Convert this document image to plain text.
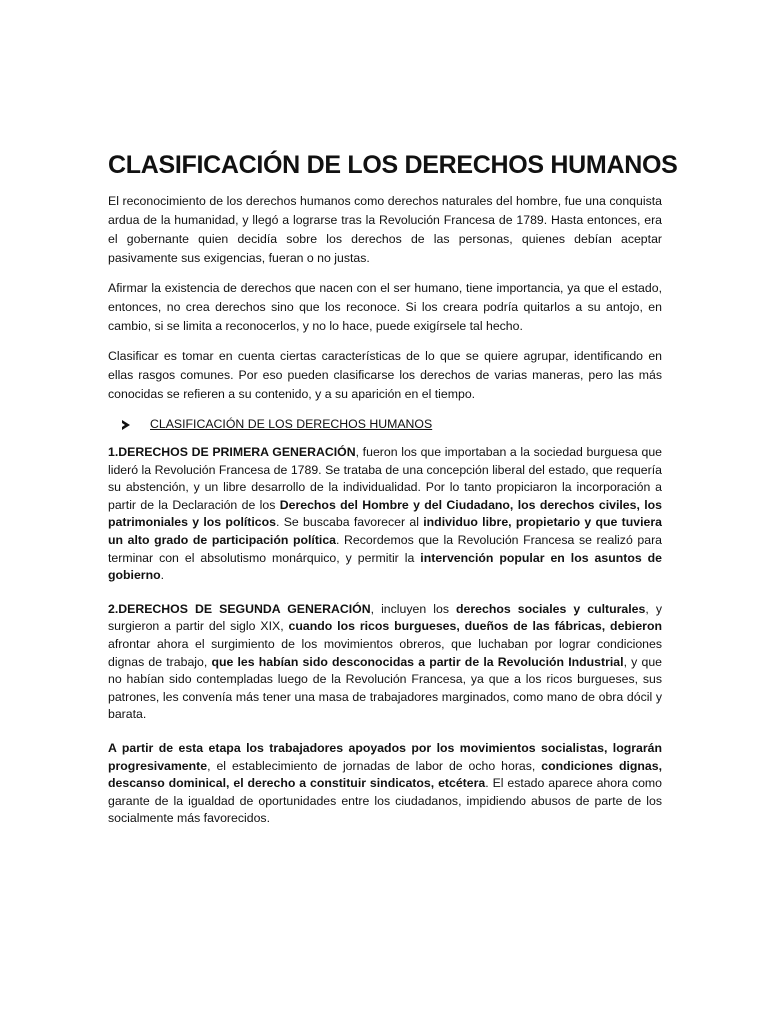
CLASIFICACIÓN DE LOS DERECHOS HUMANOS

El reconocimiento de los derechos humanos como derechos naturales del hombre, fue una conquista ardua de la humanidad, y llegó a lograrse tras la Revolución Francesa de 1789. Hasta entonces, era el gobernante quien decidía sobre los derechos de las personas, quienes debían aceptar pasivamente sus exigencias, fueran o no justas.

Afirmar la existencia de derechos que nacen con el ser humano, tiene importancia, ya que el estado, entonces, no crea derechos sino que los reconoce. Si los creara podría quitarlos a su antojo, en cambio, si se limita a reconocerlos, y no lo hace, puede exigírsele tal hecho.

Clasificar es tomar en cuenta ciertas características de lo que se quiere agrupar, identificando en ellas rasgos comunes. Por eso pueden clasificarse los derechos de varias maneras, pero las más conocidas se refieren a su contenido, y a su aparición en el tiempo.

CLASIFICACIÓN DE LOS DERECHOS HUMANOS

1.DERECHOS DE PRIMERA GENERACIÓN, fueron los que importaban a la sociedad burguesa que lideró la Revolución Francesa de 1789. Se trataba de una concepción liberal del estado, que requería su abstención, y un libre desarrollo de la individualidad. Por lo tanto propiciaron la incorporación a partir de la Declaración de los Derechos del Hombre y del Ciudadano, los derechos civiles, los patrimoniales y los políticos. Se buscaba favorecer al individuo libre, propietario y que tuviera un alto grado de participación política. Recordemos que la Revolución Francesa se realizó para terminar con el absolutismo monárquico, y permitir la intervención popular en los asuntos de gobierno.

2.DERECHOS DE SEGUNDA GENERACIÓN, incluyen los derechos sociales y culturales, y surgieron a partir del siglo XIX, cuando los ricos burgueses, dueños de las fábricas, debieron afrontar ahora el surgimiento de los movimientos obreros, que luchaban por lograr condiciones dignas de trabajo, que les habían sido desconocidas a partir de la Revolución Industrial, y que no habían sido contempladas luego de la Revolución Francesa, ya que a los ricos burgueses, sus patrones, les convenía más tener una masa de trabajadores marginados, como mano de obra dócil y barata.

A partir de esta etapa los trabajadores apoyados por los movimientos socialistas, lograrán progresivamente, el establecimiento de jornadas de labor de ocho horas, condiciones dignas, descanso dominical, el derecho a constituir sindicatos, etcétera. El estado aparece ahora como garante de la igualdad de oportunidades entre los ciudadanos, impidiendo abusos de parte de los socialmente más favorecidos.
